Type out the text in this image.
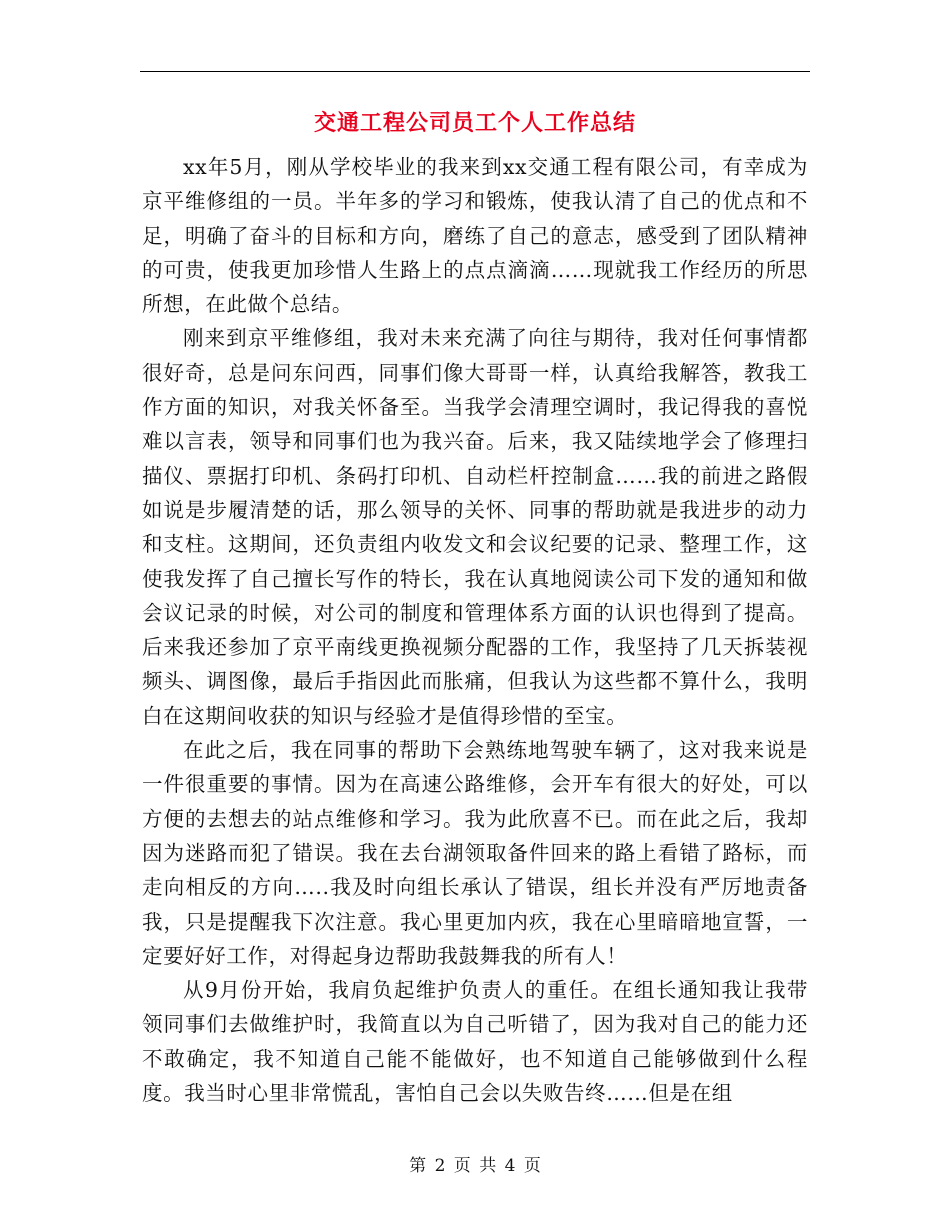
交通工程公司员工个人工作总结

xx年5月，刚从学校毕业的我来到xx交通工程有限公司，有幸成为京平维修组的一员。半年多的学习和锻炼，使我认清了自己的优点和不足，明确了奋斗的目标和方向，磨练了自己的意志，感受到了团队精神的可贵，使我更加珍惜人生路上的点点滴滴……现就我工作经历的所思所想，在此做个总结。

刚来到京平维修组，我对未来充满了向往与期待，我对任何事情都很好奇，总是问东问西，同事们像大哥哥一样，认真给我解答，教我工作方面的知识，对我关怀备至。当我学会清理空调时，我记得我的喜悦难以言表，领导和同事们也为我兴奋。后来，我又陆续地学会了修理扫描仪、票据打印机、条码打印机、自动栏杆控制盒……我的前进之路假如说是步履清楚的话，那么领导的关怀、同事的帮助就是我进步的动力和支柱。这期间，还负责组内收发文和会议纪要的记录、整理工作，这使我发挥了自己擅长写作的特长，我在认真地阅读公司下发的通知和做会议记录的时候，对公司的制度和管理体系方面的认识也得到了提高。后来我还参加了京平南线更换视频分配器的工作，我坚持了几天拆装视频头、调图像，最后手指因此而胀痛，但我认为这些都不算什么，我明白在这期间收获的知识与经验才是值得珍惜的至宝。

在此之后，我在同事的帮助下会熟练地驾驶车辆了，这对我来说是一件很重要的事情。因为在高速公路维修，会开车有很大的好处，可以方便的去想去的站点维修和学习。我为此欣喜不已。而在此之后，我却因为迷路而犯了错误。我在去台湖领取备件回来的路上看错了路标，而走向相反的方向…..我及时向组长承认了错误，组长并没有严厉地责备我，只是提醒我下次注意。我心里更加内疚，我在心里暗暗地宣誓，一定要好好工作，对得起身边帮助我鼓舞我的所有人！

从9月份开始，我肩负起维护负责人的重任。在组长通知我让我带领同事们去做维护时，我简直以为自己听错了，因为我对自己的能力还不敢确定，我不知道自己能不能做好，也不知道自己能够做到什么程度。我当时心里非常慌乱，害怕自己会以失败告终……但是在组

第 2 页 共 4 页
